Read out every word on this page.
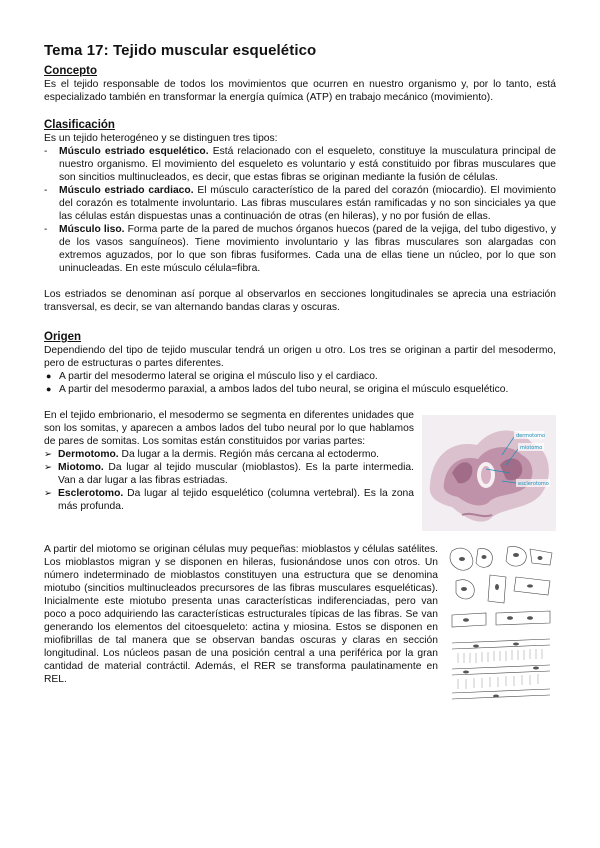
Tema 17: Tejido muscular esquelético
Concepto

Es el tejido responsable de todos los movimientos que ocurren en nuestro organismo y, por lo tanto, está especializado también en transformar la energía química (ATP) en trabajo mecánico (movimiento).

Clasificación

Es un tejido heterogéneo y se distinguen tres tipos:

- Músculo estriado esquelético. Está relacionado con el esqueleto, constituye la musculatura principal de nuestro organismo. El movimiento del esqueleto es voluntario y está constituido por fibras musculares que son sincitios multinucleados, es decir, que estas fibras se originan mediante la fusión de células.
- Músculo estriado cardiaco. El músculo característico de la pared del corazón (miocardio). El movimiento del corazón es totalmente involuntario. Las fibras musculares están ramificadas y no son sinciciales ya que las células están dispuestas unas a continuación de otras (en hileras), y no por fusión de ellas.
- Músculo liso. Forma parte de la pared de muchos órganos huecos (pared de la vejiga, del tubo digestivo, y de los vasos sanguíneos). Tiene movimiento involuntario y las fibras musculares son alargadas con extremos aguzados, por lo que son fibras fusiformes. Cada una de ellas tiene un núcleo, por lo que son uninucleadas. En este músculo célula=fibra.

Los estriados se denominan así porque al observarlos en secciones longitudinales se aprecia una estriación transversal, es decir, se van alternando bandas claras y oscuras.

Origen

Dependiendo del tipo de tejido muscular tendrá un origen u otro. Los tres se originan a partir del mesodermo, pero de estructuras o partes diferentes.

● A partir del mesodermo lateral se origina el músculo liso y el cardiaco.
● A partir del mesodermo paraxial, a ambos lados del tubo neural, se origina el músculo esquelético.

En el tejido embrionario, el mesodermo se segmenta en diferentes unidades que son los somitas, y aparecen a ambos lados del tubo neural por lo que hablamos de pares de somitas. Los somitas están constituidos por varias partes:

➢ Dermotomo. Da lugar a la dermis. Región más cercana al ectodermo.
➢ Miotomo. Da lugar al tejido muscular (mioblastos). Es la parte intermedia. Van a dar lugar a las fibras estriadas.
➢ Esclerotomo. Da lugar al tejido esquelético (columna vertebral). Es la zona más profunda.
dermotomo
miotomo
esclerotomo

A partir del miotomo se originan células muy pequeñas: mioblastos y células satélites. Los mioblastos migran y se disponen en hileras, fusionándose unos con otros. Un número indeterminado de mioblastos constituyen una estructura que se denomina miotubo (sincitios multinucleados precursores de las fibras musculares esqueléticas). Inicialmente este miotubo presenta unas características indiferenciadas, pero van poco a poco adquiriendo las características estructurales típicas de las fibras. Se van generando los elementos del citoesqueleto: actina y miosina. Estos se disponen en miofibrillas de tal manera que se observan bandas oscuras y claras en sección longitudinal. Los núcleos pasan de una posición central a una periférica por la gran cantidad de material contráctil. Además, el RER se transforma paulatinamente en REL.
